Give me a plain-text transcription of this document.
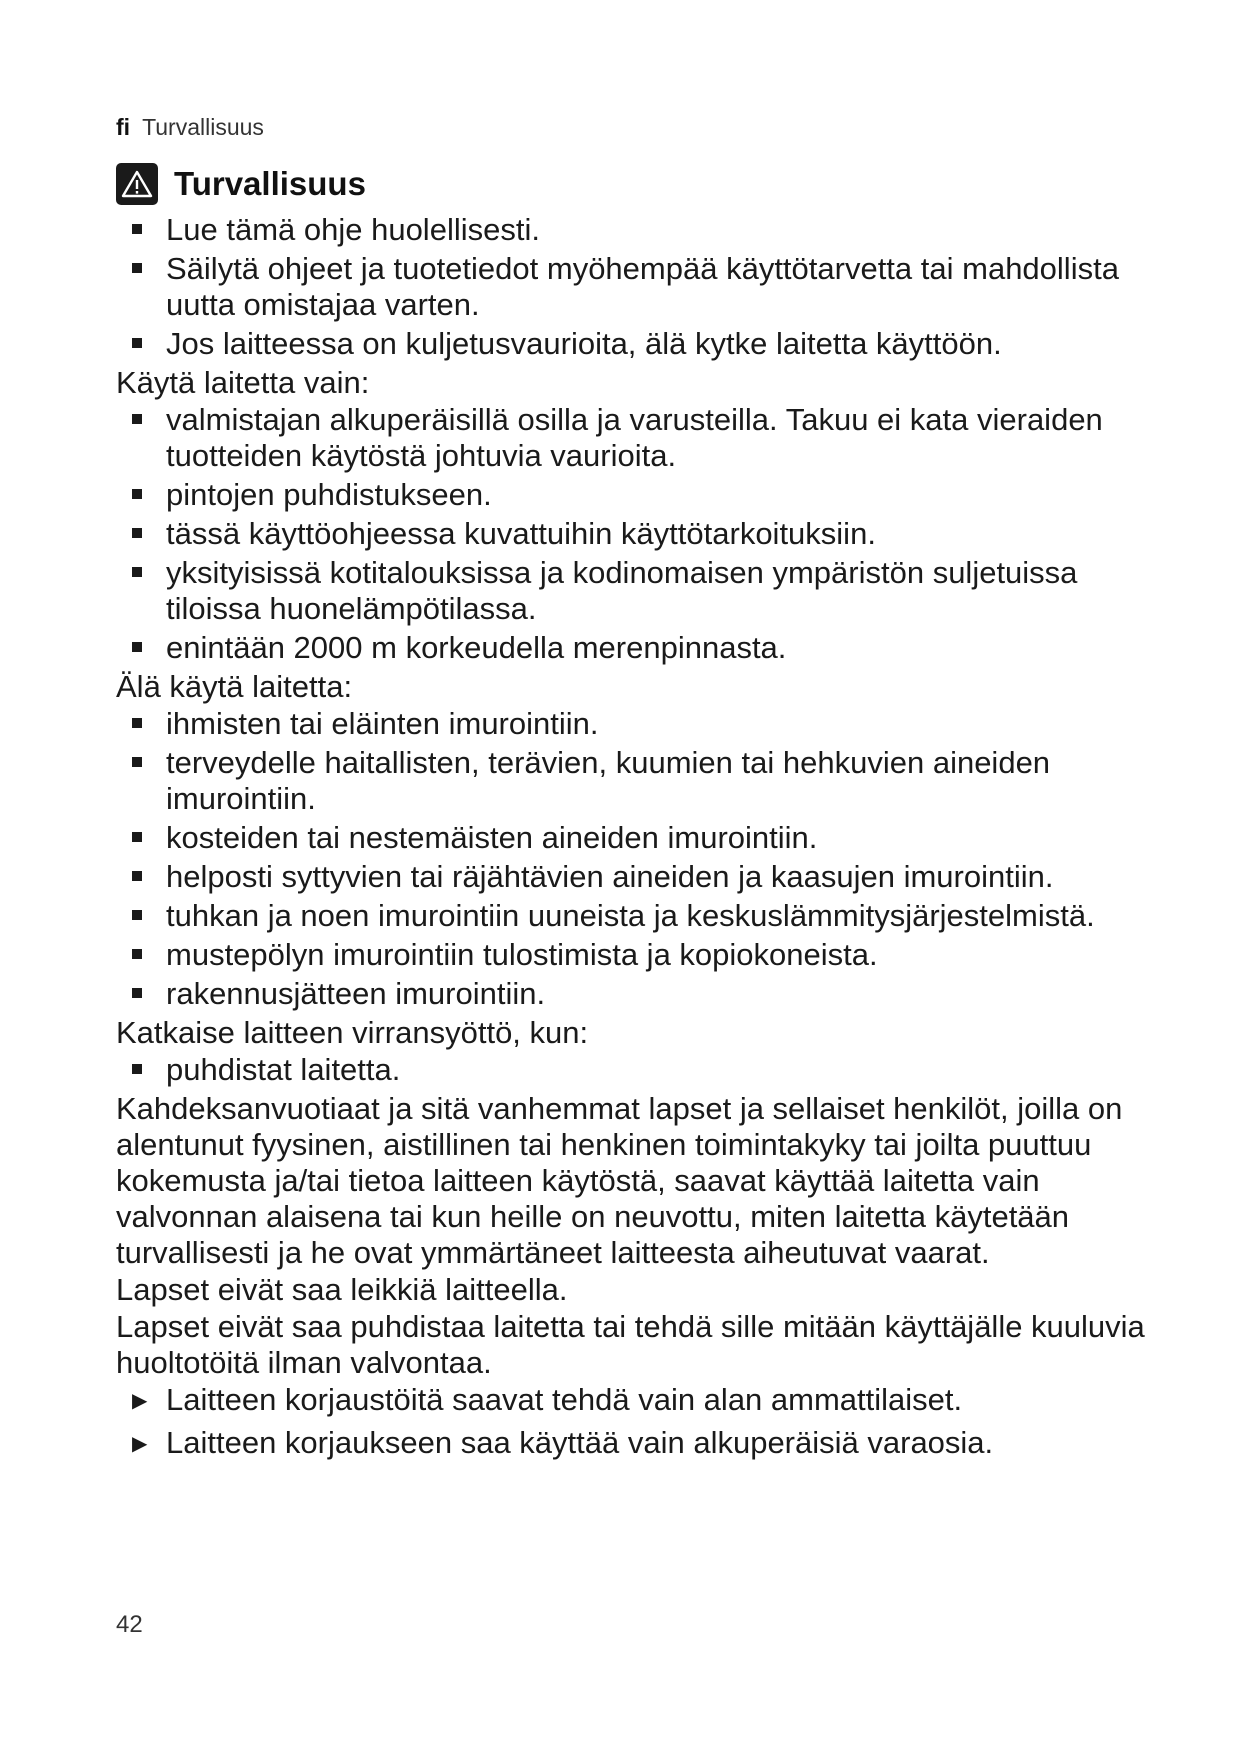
fi Turvallisuus
Turvallisuus

Lue tämä ohje huolellisesti.

Säilytä ohjeet ja tuotetiedot myöhempää käyttötarvetta tai mahdollista uutta omistajaa varten.

Jos laitteessa on kuljetusvaurioita, älä kytke laitetta käyttöön.

Käytä laitetta vain:

valmistajan alkuperäisillä osilla ja varusteilla. Takuu ei kata vieraiden tuotteiden käytöstä johtuvia vaurioita.

pintojen puhdistukseen.

tässä käyttöohjeessa kuvattuihin käyttötarkoituksiin.

yksityisissä kotitalouksissa ja kodinomaisen ympäristön suljetuissa tiloissa huonelämpötilassa.

enintään 2000 m korkeudella merenpinnasta.

Älä käytä laitetta:

ihmisten tai eläinten imurointiin.

terveydelle haitallisten, terävien, kuumien tai hehkuvien aineiden imurointiin.

kosteiden tai nestemäisten aineiden imurointiin.

helposti syttyvien tai räjähtävien aineiden ja kaasujen imurointiin.

tuhkan ja noen imurointiin uuneista ja keskuslämmitysjärjestelmistä.

mustepölyn imurointiin tulostimista ja kopiokoneista.

rakennusjätteen imurointiin.

Katkaise laitteen virransyöttö, kun:

puhdistat laitetta.

Kahdeksanvuotiaat ja sitä vanhemmat lapset ja sellaiset henkilöt, joilla on alentunut fyysinen, aistillinen tai henkinen toimintakyky tai joilta puuttuu kokemusta ja/tai tietoa laitteen käytöstä, saavat käyttää laitetta vain valvonnan alaisena tai kun heille on neuvottu, miten laitetta käytetään turvallisesti ja he ovat ymmärtäneet laitteesta aiheutuvat vaarat.

Lapset eivät saa leikkiä laitteella.

Lapset eivät saa puhdistaa laitetta tai tehdä sille mitään käyttäjälle kuuluvia huoltotöitä ilman valvontaa.

▶ Laitteen korjaustöitä saavat tehdä vain alan ammattilaiset.

▶ Laitteen korjaukseen saa käyttää vain alkuperäisiä varaosia.

42
